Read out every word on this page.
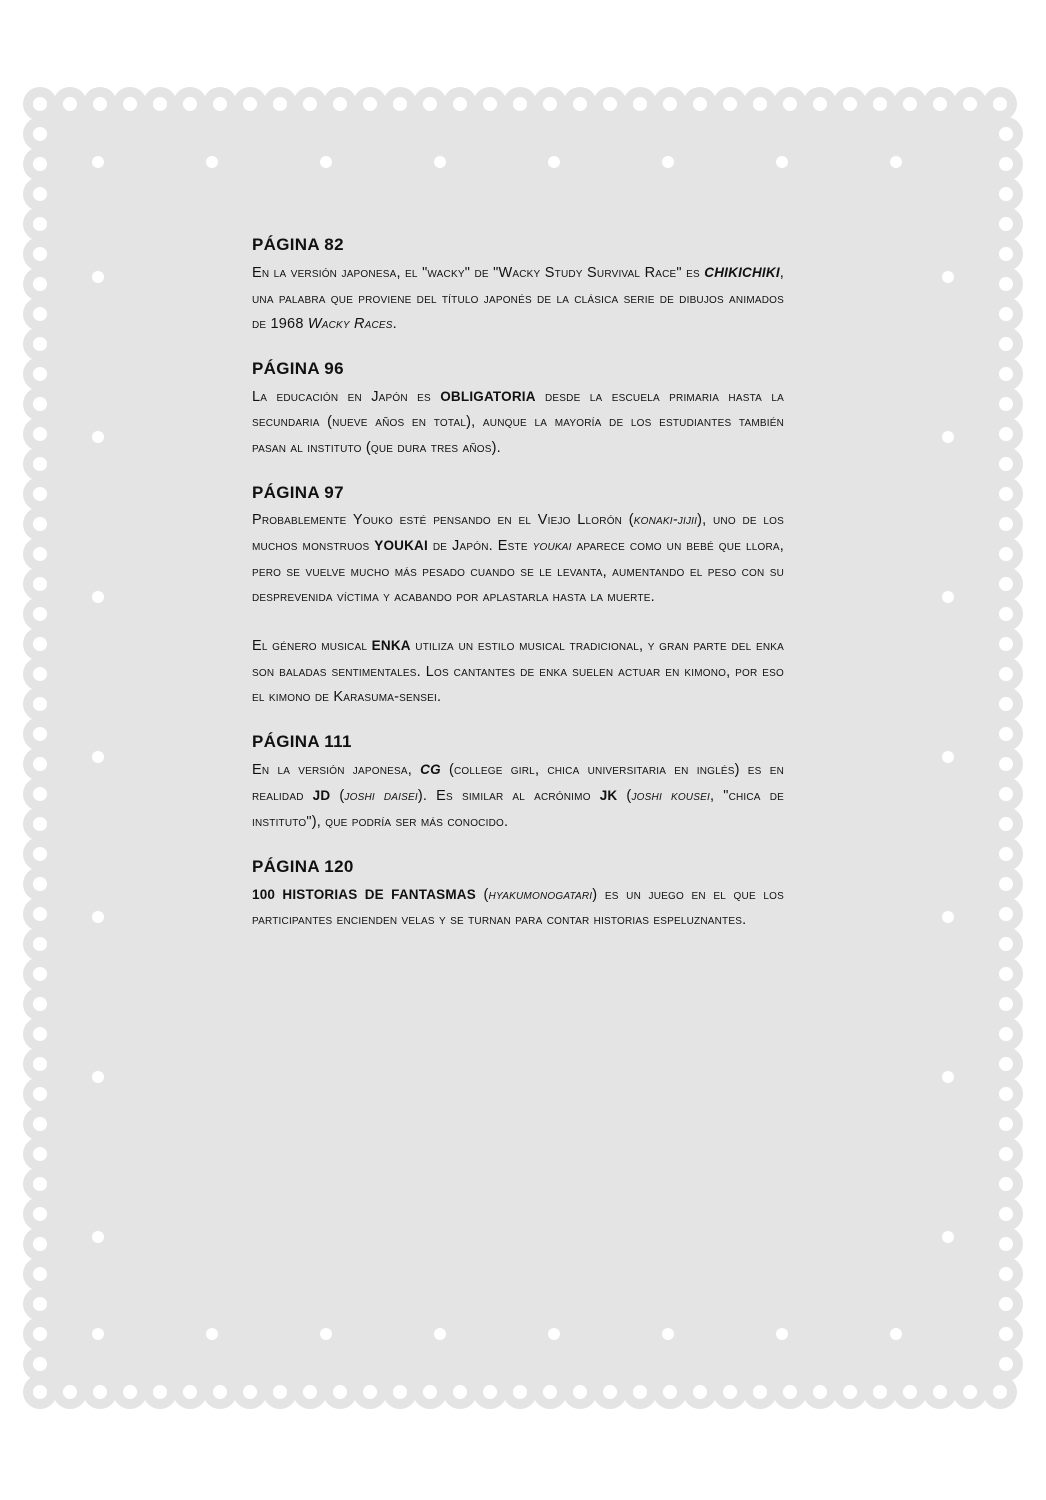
PÁGINA 82

En la versión japonesa, el "wacky" de "Wacky Study Survival Race" es CHIKICHIKI, una palabra que proviene del título japonés de la clásica serie de dibujos animados de 1968 Wacky Races.

PÁGINA 96

La educación en Japón es OBLIGATORIA desde la escuela primaria hasta la secundaria (nueve años en total), aunque la mayoría de los estudiantes también pasan al instituto (que dura tres años).

PÁGINA 97

Probablemente Youko esté pensando en el Viejo Llorón (konaki-jijii), uno de los muchos monstruos YOUKAI de Japón. Este youkai aparece como un bebé que llora, pero se vuelve mucho más pesado cuando se le levanta, aumentando el peso con su desprevenida víctima y acabando por aplastarla hasta la muerte.

El género musical ENKA utiliza un estilo musical tradicional, y gran parte del enka son baladas sentimentales. Los cantantes de enka suelen actuar en kimono, por eso el kimono de Karasuma-sensei.

PÁGINA 111

En la versión japonesa, CG (college girl, chica universitaria en inglés) es en realidad JD (joshi daisei). Es similar al acrónimo JK (joshi kousei, "chica de instituto"), que podría ser más conocido.

PÁGINA 120

100 HISTORIAS DE FANTASMAS (hyakumonogatari) es un juego en el que los participantes encienden velas y se turnan para contar historias espeluznantes.
